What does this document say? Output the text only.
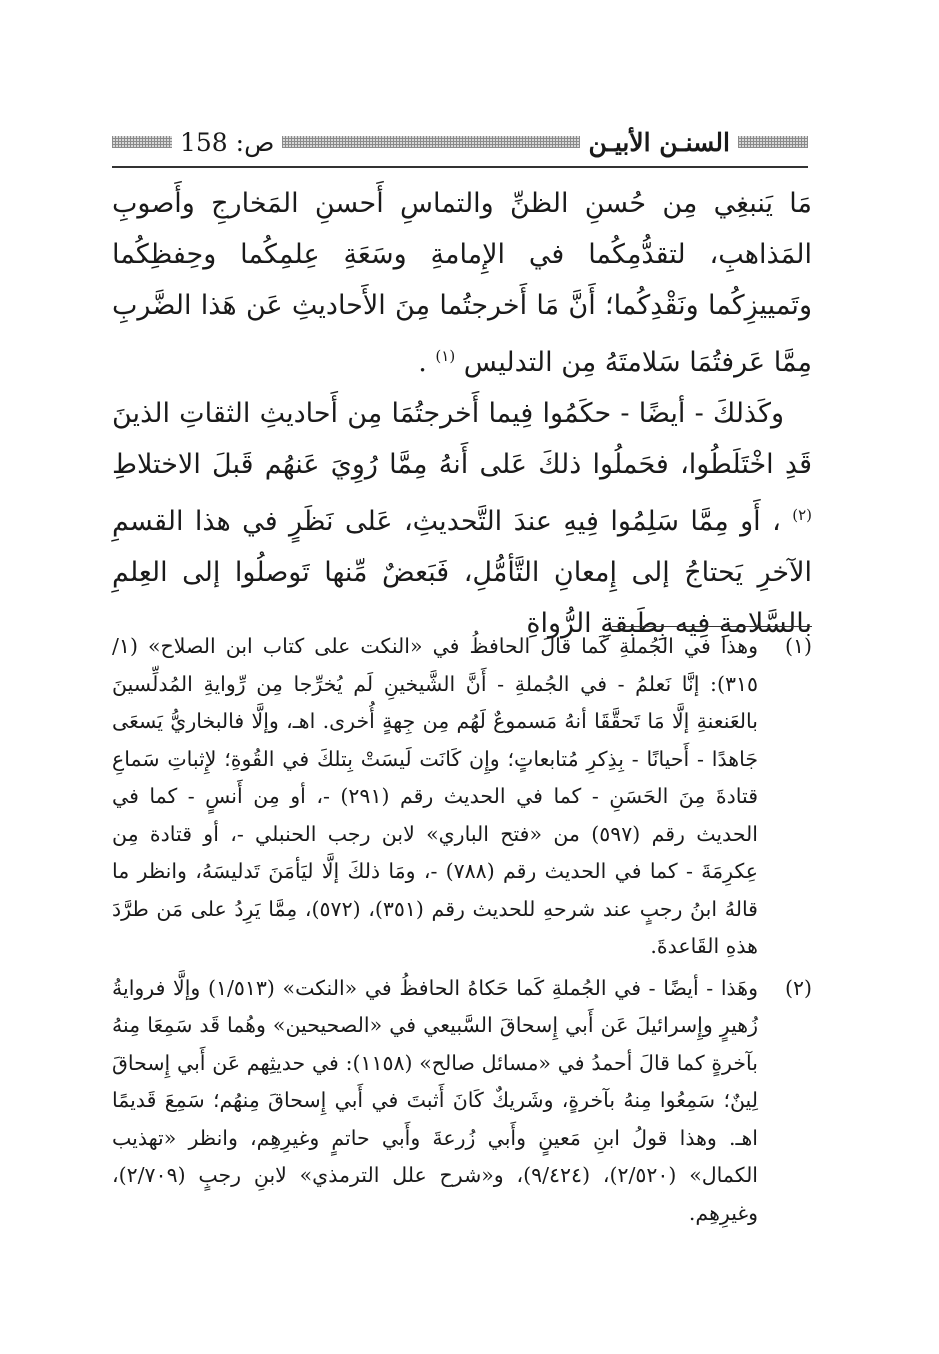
السنـن الأبيـن
ص: 158

مَا يَنبغِي مِن حُسنِ الظنِّ والتماسِ أَحسنِ المَخارجِ وأَصوبِ المَذاهبِ، لتقدُّمِكُما في الإِمامةِ وسَعَةِ عِلمِكُما وحِفظِكُما وتَمييزِكُما ونَقْدِكُما؛ أَنَّ مَا أَخرجتُما مِنَ الأَحاديثِ عَن هَذا الضَّربِ مِمَّا عَرفتُمَا سَلامتَهُ مِن التدليس $^{(١)}$ .

وكَذلكَ - أيضًا - حكَمُوا فِيما أَخرجتُمَا مِن أَحاديثِ الثقاتِ الذينَ قَدِ اخْتَلَطُوا، فحَملُوا ذلكَ عَلى أَنهُ مِمَّا رُوِيَ عَنهُم قَبلَ الاختلاطِ $^{(٢)}$ ، أَو مِمَّا سَلِمُوا فِيهِ عندَ التَّحديثِ، عَلى نَظَرٍ في هذا القسمِ الآخرِ يَحتاجُ إلى إِمعانِ التَّأمُّلِ، فَبَعضٌ مِّنها تَوصلُوا إلى العِلمِ بالسَّلامةِ فِيه بِطَبقةِ الرُّواةِ

(١)
وهذا في الجُملةِ كَما قالَ الحافظُ في «النكت على كتاب ابن الصلاح» (١/ ٣١٥): إنَّا نَعلمُ - في الجُملةِ - أَنَّ الشَّيخينِ لَم يُخرِّجا مِن رِّوايةِ المُدلِّسينَ بالعَنعنةِ إلَّا مَا تَحقَّقَا أنهُ مَسموعٌ لَهُم مِن جِهةٍ أُخرى. اهـ، وإلَّا فالبخاريُّ يَسعَى جَاهدًا - أَحيانًا - بِذِكرِ مُتابعاتٍ؛ وإِن كَانَت لَيسَتْ بِتلكَ في القُوةِ؛ لإِثباتِ سَماعِ قتادةَ مِنَ الحَسَنِ - كما في الحديث رقم (٢٩١) -، أو مِن أَنسٍ - كما في الحديث رقم (٥٩٧) من «فتح الباري» لابن رجب الحنبلي -، أو قتادة مِن عِكرِمَةَ - كما في الحديث رقم (٧٨٨) -، ومَا ذلكَ إلَّا ليَأمَنَ تَدليسَهُ، وانظر ما قالهُ ابنُ رجبٍ عند شرحهِ للحديث رقم (٣٥١)، (٥٧٢)، مِمَّا يَرِدُ على مَن طرَّدَ هذهِ القَاعدةَ.
(٢)
وهَذا - أيضًا - في الجُملةِ كَما حَكاهُ الحافظُ في «النكت» (١/٥١٣) وإلَّا فروايةُ زُهيرٍ وإِسرائيلَ عَن أَبي إِسحاقَ السَّبيعي في «الصحيحين» وهُما قَد سَمِعَا مِنهُ بآخرةٍ كما قالَ أحمدُ في «مسائل صالح» (١١٥٨): في حديثِهم عَن أَبي إِسحاقَ لِينٌ؛ سَمِعُوا مِنهُ بآخرةٍ، وشَريكٌ كَانَ أَثبتَ في أَبي إِسحاقَ مِنهُم؛ سَمِعَ قَديمًا اهـ. وهذا قولُ ابنِ مَعينٍ وأَبي زُرعةَ وأَبي حاتمٍ وغيرِهِم، وانظر «تهذيب الكمال» (٢/٥٢٠)، (٩/٤٢٤)، و«شرح علل الترمذي» لابنِ رجبٍ (٢/٧٠٩)، وغيرِهِم.
